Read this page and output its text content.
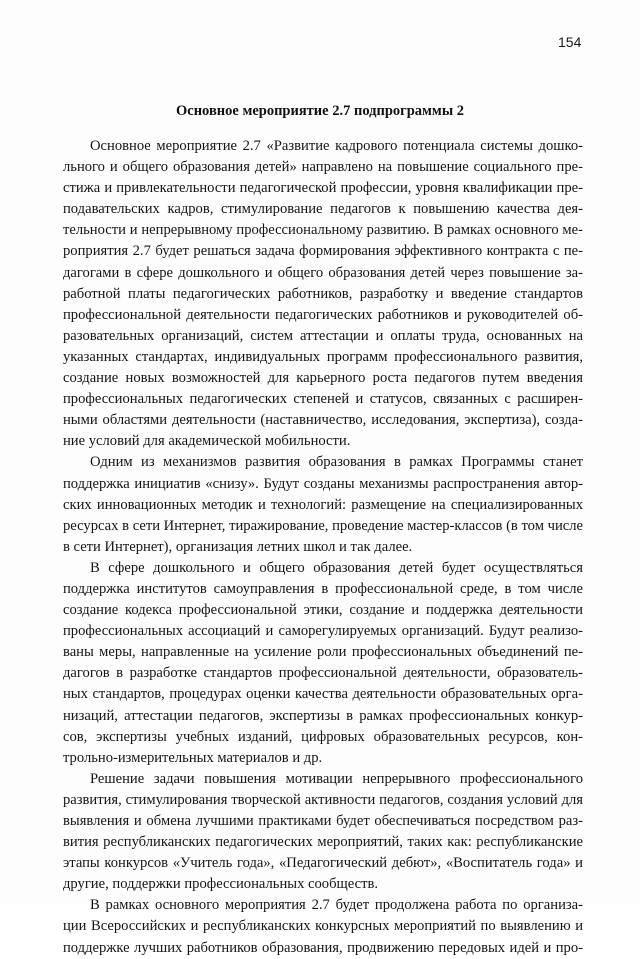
154
Основное мероприятие 2.7 подпрограммы 2
Основное мероприятие 2.7 «Развитие кадрового потенциала системы дошко-
льного и общего образования детей» направлено на повышение социального пре-
стижа и привлекательности педагогической профессии, уровня квалификации пре-
подавательских кадров, стимулирование педагогов к повышению качества дея-
тельности и непрерывному профессиональному развитию. В рамках основного ме-
роприятия 2.7 будет решаться задача формирования эффективного контракта с пе-
дагогами в сфере дошкольного и общего образования детей через повышение за-
работной платы педагогических работников, разработку и введение стандартов
профессиональной деятельности педагогических работников и руководителей об-
разовательных организаций, систем аттестации и оплаты труда, основанных на
указанных стандартах, индивидуальных программ профессионального развития,
создание новых возможностей для карьерного роста педагогов путем введения
профессиональных педагогических степеней и статусов, связанных с расширен-
ными областями деятельности (наставничество, исследования, экспертиза), созда-
ние условий для академической мобильности.
Одним из механизмов развития образования в рамках Программы станет
поддержка инициатив «снизу». Будут созданы механизмы распространения автор-
ских инновационных методик и технологий: размещение на специализированных
ресурсах в сети Интернет, тиражирование, проведение мастер-классов (в том числе
в сети Интернет), организация летних школ и так далее.
В сфере дошкольного и общего образования детей будет осуществляться
поддержка институтов самоуправления в профессиональной среде, в том числе
создание кодекса профессиональной этики, создание и поддержка деятельности
профессиональных ассоциаций и саморегулируемых организаций. Будут реализо-
ваны меры, направленные на усиление роли профессиональных объединений пе-
дагогов в разработке стандартов профессиональной деятельности, образователь-
ных стандартов, процедурах оценки качества деятельности образовательных орга-
низаций, аттестации педагогов, экспертизы в рамках профессиональных конкур-
сов, экспертизы учебных изданий, цифровых образовательных ресурсов, кон-
трольно-измерительных материалов и др.
Решение задачи повышения мотивации непрерывного профессионального
развития, стимулирования творческой активности педагогов, создания условий для
выявления и обмена лучшими практиками будет обеспечиваться посредством раз-
вития республиканских педагогических мероприятий, таких как: республиканские
этапы конкурсов «Учитель года», «Педагогический дебют», «Воспитатель года» и
другие, поддержки профессиональных сообществ.
В рамках основного мероприятия 2.7 будет продолжена работа по организа-
ции Всероссийских и республиканских конкурсных мероприятий по выявлению и
поддержке лучших работников образования, продвижению передовых идей и про-
